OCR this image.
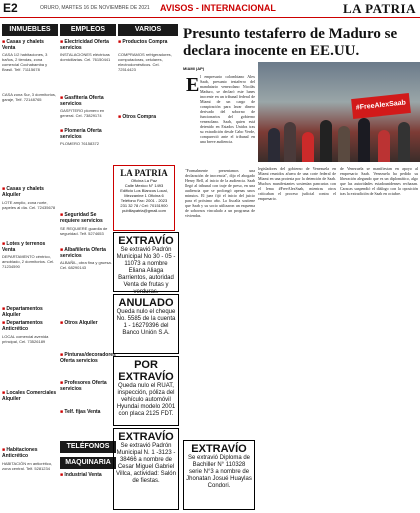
E2	ORURO, MARTES 16 DE NOVIEMBRE DE 2021 AVISOS - INTERNACIONAL	LA PATRIA
INMUEBLES	EMPLEOS	VARIOS
■ Casas y chalets Venta
CASA 1/2 habitaciones, 3 baños, 2 tiendas, zona comercial Cochabamba y Brasil. Telf. 71115678
CASA zona Sur, 3 dormitorios, garaje, Telf. 72148765
■ Casas y chalets Alquiler
LOTE amplio, zona norte, papeles al día. Cel. 72435678
■ Lotes y terrenos Venta
DEPARTAMENTO céntrico, amoblado, 2 dormitorios. Cel. 71234590
■ Departamentos Alquiler
■ Departamentos Anticrético
LOCAL comercial avenida principal, Cel. 73526189
■ Locales Comerciales Alquiler
■ Habitaciones Anticrético
HABITACIÓN en anticrético, zona central. Telf. 5281234
■ Electricidad Oferta servicios
INSTALACIONES eléctricas domiciliarias. Cel. 76150441
■ Gasfitería Oferta servicios
GASFITERO plomero en general. Cel. 73829174
■ Plomería Oferta servicios
PLOMERO 76158372
■ Seguridad Se requiere servicios
SE REQUIERE guardia de seguridad. Telf. 5274653
■ Albañilería Oferta servicios
ALBAÑIL, obra fina y gruesa. Cel. 68290143
■ Otros Alquiler
■ Pinturas/decoradores Oferta servicios
■ Profesores Oferta servicios
■ Telf. fijas Venta
TELÉFONOS
MAQUINARIA
■ Industrial Venta
■ Productos Compra
COMPRAMOS refrigeradores, computadoras, celulares, electrodomésticos. Cel. 72514423
■ Otros Compra
LA PATRIA
Oficina La Paz
Calle Mexico N° 1493
Edificio Los Blancos Local, Mezzanine 1 Oficina 6
Teléfono Fax: 2001 - 2023
231 32 78 / Cel: 70151900
publilapatria@gmail.com
EXTRAVÍO
Se extravió Padrón Municipal No 30 - 05 - 11073 a nombre Eliana Aliaga Barrientos, autoridad Venta de frutas y verduras.
ANULADO
Queda nulo el cheque No. 5585 de la cuenta 1 - 16279396 del Banco Unión S.A.
POR EXTRAVÍO
Queda nulo el RUAT, inspección, póliza del vehículo automóvil Hyundai modelo 2001 con placa 2125 FDT.
EXTRAVÍO
Se extravió Padrón Municipal N. 1 -3123 - 38466 a nombre de Cesar Miguel Gabriel Villca, actividad: Salón de fiestas.
EXTRAVÍO
Se extravió Diploma de Bachiller N° 110328 serie N°3 a nombre de Jhonatan Josué Huaylas Condori.
Presunto testaferro de Maduro se declara inocente en EE.UU.
MIAMI (AP)
E l empresario colombiano Alex Saab, presunto testaferro del mandatario venezolano Nicolás Maduro, se declaró este lunes inocente en un tribunal federal de Miami de un cargo de conspiración para lavar dinero derivado del soborno de funcionarios del gobierno venezolano. Saab, quien está detenido en Estados Unidos tras su extradición desde Cabo Verde, compareció ante el tribunal en una breve audiencia.
"Formalmente presentamos una declaración de inocencia", dijo el abogado Henry Bell, al inicio de la audiencia. Saab llegó al tribunal con traje de preso, en una audiencia que se prolongó apenas unos minutos. El juez fijó el inicio del juicio para el próximo año. La fiscalía sostiene que Saab y su socio utilizaron un esquema de sobornos vinculado a un programa de viviendas.
#FreeAlexSaab
legisladores del gobierno de Venezuela en Miami reunidos afuera de una corte federal de Miami en una protesta por la detención de Saab. Muchos manifestantes sostenían pancartas con el lema #FreeAlexSaab, mientras otros criticaban el proceso judicial contra el empresario.
de Venezuela se manifiestan en apoyo al empresario Saab. Venezuela ha pedido su liberación alegando que es un diplomático, algo que las autoridades estadounidenses rechazan. Caracas suspendió el diálogo con la oposición tras la extradición de Saab en octubre.
